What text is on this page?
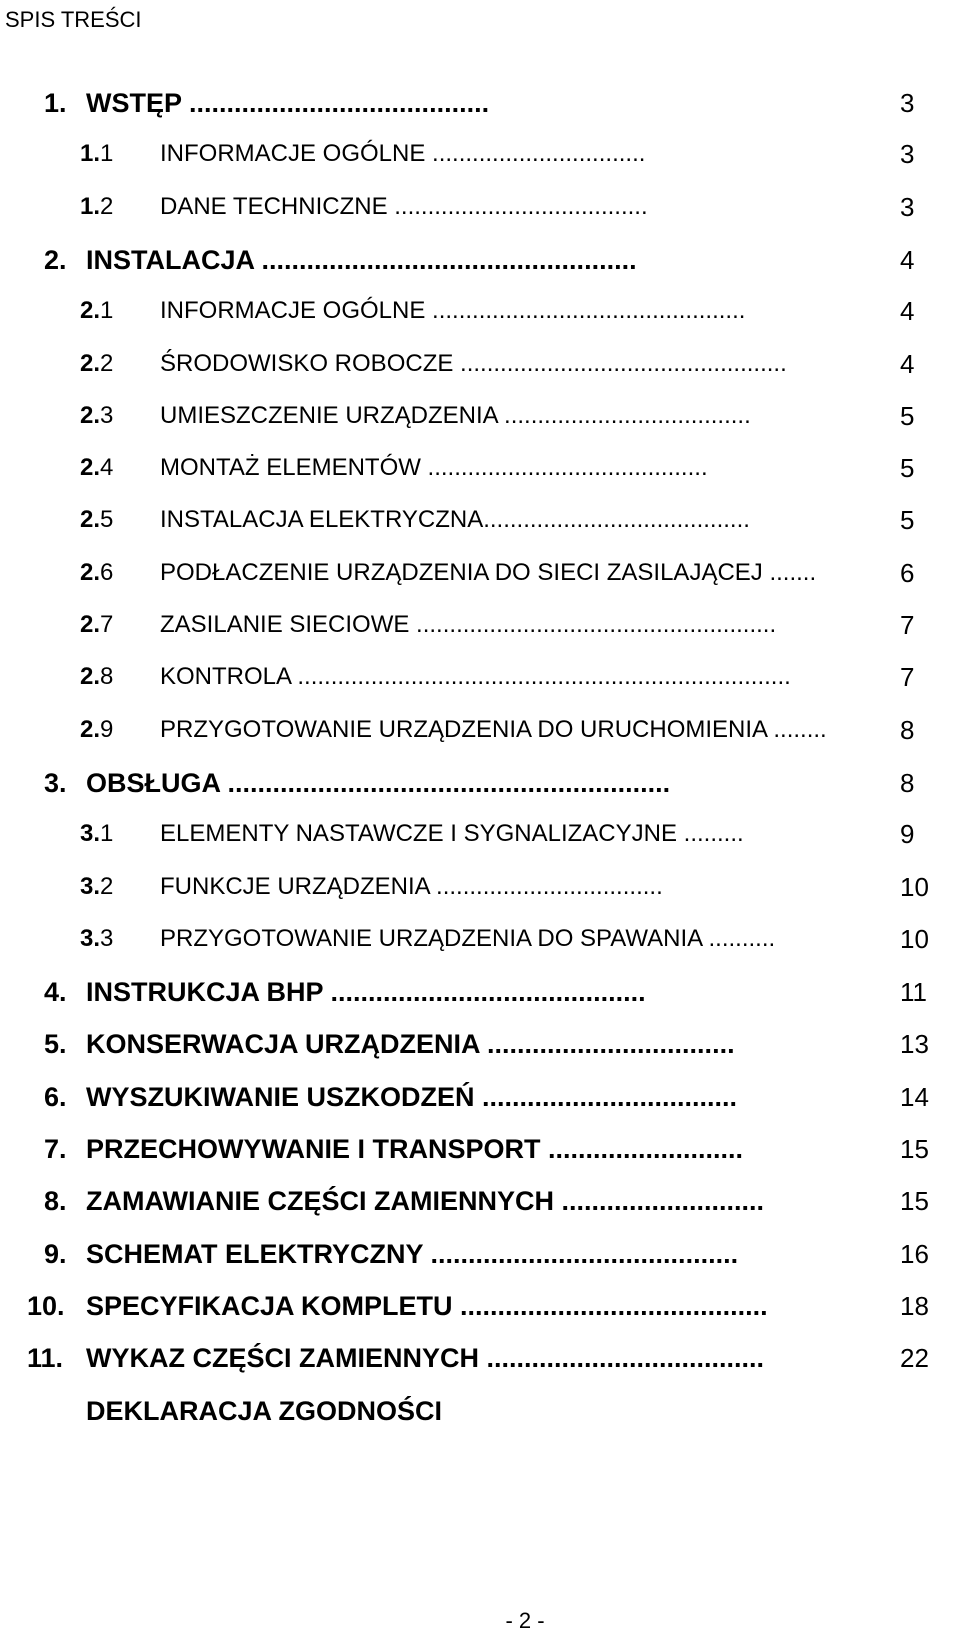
SPIS TREŚCI
1. WSTĘP ........................................	3
1.1 INFORMACJE OGÓLNE ................................	3
1.2 DANE TECHNICZNE ......................................	3
2. INSTALACJA ..................................................	4
2.1 INFORMACJE OGÓLNE ...............................................	4
2.2 ŚRODOWISKO ROBOCZE .................................................	4
2.3 UMIESZCZENIE URZĄDZENIA .....................................	5
2.4 MONTAŻ ELEMENTÓW ..........................................	5
2.5 INSTALACJA ELEKTRYCZNA........................................	5
2.6 PODŁACZENIE URZĄDZENIA DO SIECI ZASILAJĄCEJ .......	6
2.7 ZASILANIE SIECIOWE ......................................................	7
2.8 KONTROLA ..........................................................................	7
2.9 PRZYGOTOWANIE URZĄDZENIA DO URUCHOMIENIA ........	8
3. OBSŁUGA ...........................................................	8
3.1 ELEMENTY NASTAWCZE I SYGNALIZACYJNE .........	9
3.2 FUNKCJE URZĄDZENIA ..................................	10
3.3 PRZYGOTOWANIE URZĄDZENIA DO SPAWANIA ..........	10
4. INSTRUKCJA BHP ..........................................	11
5. KONSERWACJA URZĄDZENIA .................................	13
6. WYSZUKIWANIE USZKODZEŃ ..................................	14
7. PRZECHOWYWANIE I TRANSPORT ..........................	15
8. ZAMAWIANIE CZĘŚCI ZAMIENNYCH ...........................	15
9. SCHEMAT ELEKTRYCZNY .........................................	16
10. SPECYFIKACJA KOMPLETU .........................................	18
11. WYKAZ CZĘŚCI ZAMIENNYCH .....................................	22
DEKLARACJA ZGODNOŚCI
- 2 -
